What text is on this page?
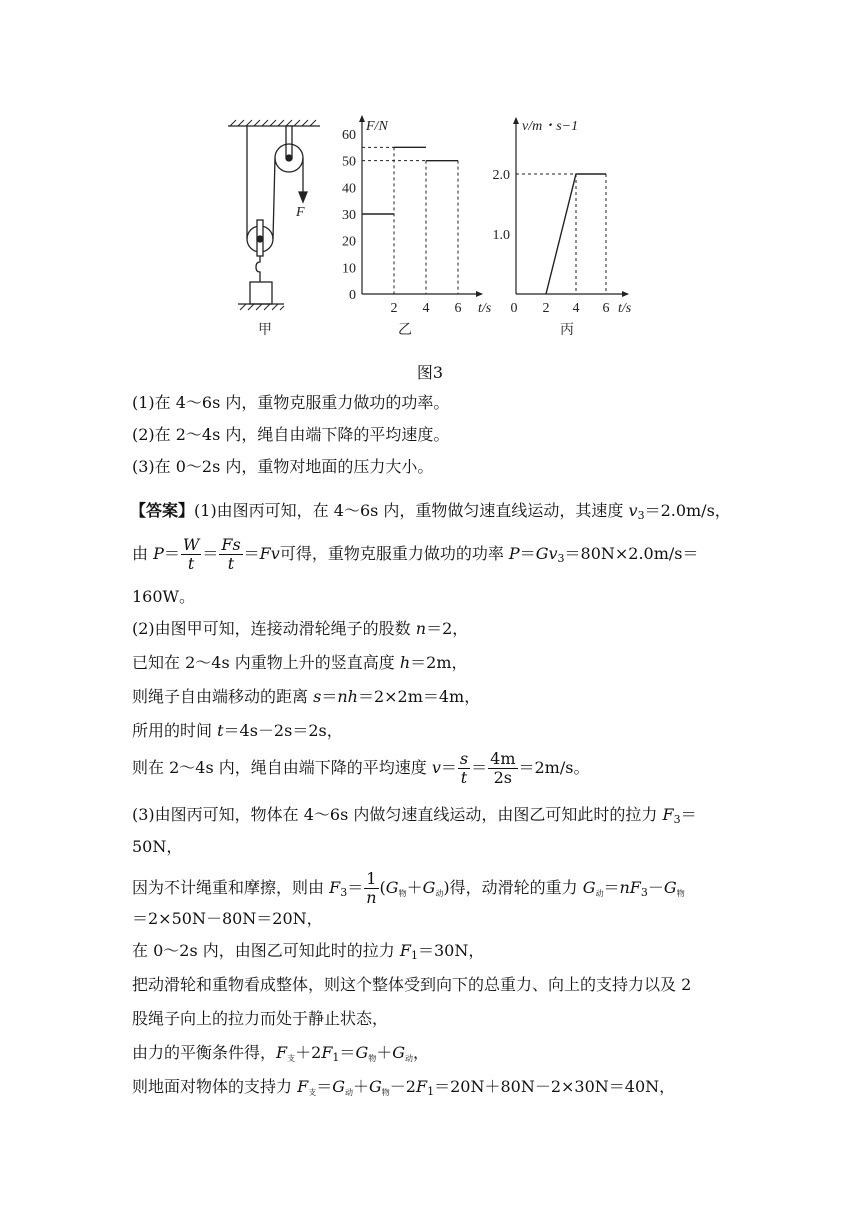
F
甲
0
10
20
30
40
50
60
2 4 6
F/N
t/s
乙
1.0
2.0
0 2 4 6
v/m・s−1
t/s
丙
图3
(1)在 4～6s 内，重物克服重力做功的功率。
(2)在 2～4s 内，绳自由端下降的平均速度。
(3)在 0～2s 内，重物对地面的压力大小。
【答案】(1)由图丙可知，在 4～6s 内，重物做匀速直线运动，其速度 $v_3=2.0m/s$，
由 $P= \frac{W}{t} = \frac{Fs}{t} =Fv$可得，重物克服重力做功的功率 $P=Gv_3=80N\times 2.0m/s=$
160W。
(2)由图甲可知，连接动滑轮绳子的股数 n＝2，
已知在 2～4s 内重物上升的竖直高度 h＝2m，
则绳子自由端移动的距离 s＝nh＝2×2m＝4m，
所用的时间 t＝4s－2s＝2s，
则在 2～4s 内，绳自由端下降的平均速度 $v= \frac{s}{t} = \frac{4m}{2s} =2m/s$。
(3)由图丙可知，物体在 4～6s 内做匀速直线运动，由图乙可知此时的拉力 $F_3=$
50N，
因为不计绳重和摩擦，则由 $F_3= \frac{1}{n} (G$物＋G动)得，动滑轮的重力 G动$=nF_3-G$物
＝2×50N－80N＝20N，
在 0～2s 内，由图乙可知此时的拉力 $F_1=30N$，
把动滑轮和重物看成整体，则这个整体受到向下的总重力、向上的支持力以及 2
股绳子向上的拉力而处于静止状态，
由力的平衡条件得，F支$+2F_1=G$物＋G动，
则地面对物体的支持力 F支＝G动＋G物$-2F_1=20N+80N-2\times 30N=40N$，
